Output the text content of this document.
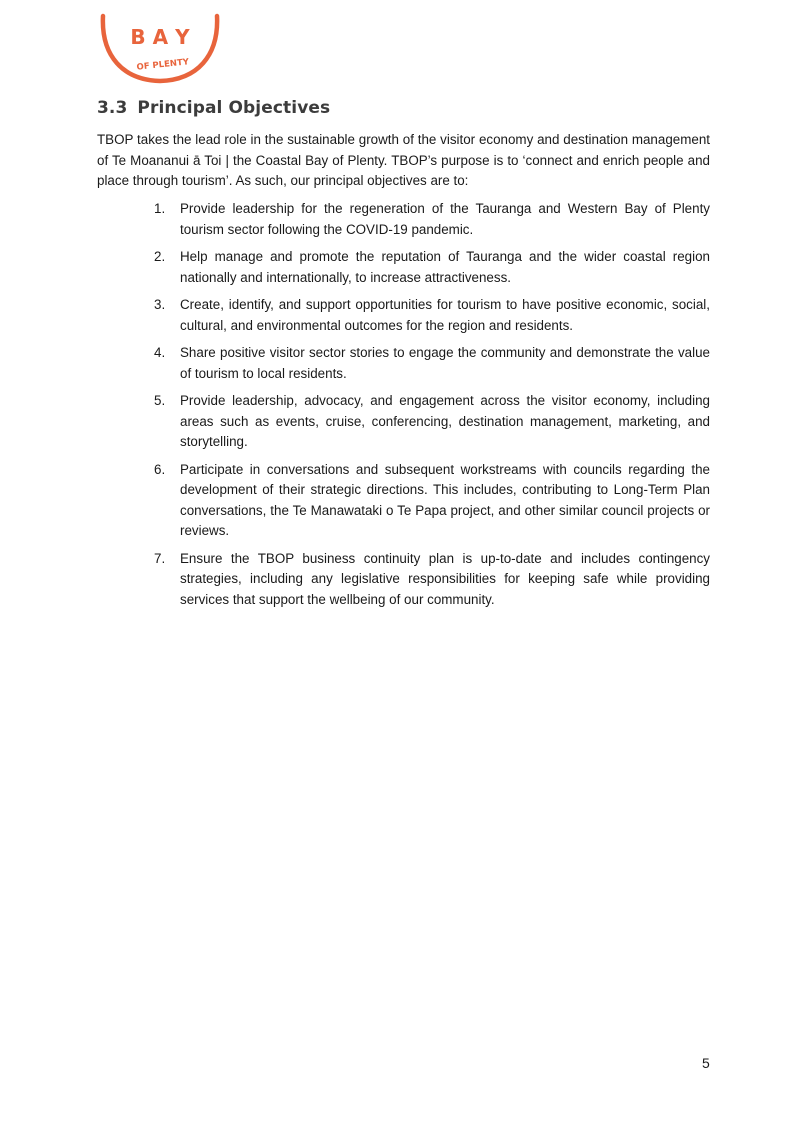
B A Y
OF PLENTY
3.3 Principal Objectives

TBOP takes the lead role in the sustainable growth of the visitor economy and destination management of Te Moananui ā Toi | the Coastal Bay of Plenty. TBOP’s purpose is to ‘connect and enrich people and place through tourism’. As such, our principal objectives are to:

1. Provide leadership for the regeneration of the Tauranga and Western Bay of Plenty tourism sector following the COVID-19 pandemic.
2. Help manage and promote the reputation of Tauranga and the wider coastal region nationally and internationally, to increase attractiveness.
3. Create, identify, and support opportunities for tourism to have positive economic, social, cultural, and environmental outcomes for the region and residents.
4. Share positive visitor sector stories to engage the community and demonstrate the value of tourism to local residents.
5. Provide leadership, advocacy, and engagement across the visitor economy, including areas such as events, cruise, conferencing, destination management, marketing, and storytelling.
6. Participate in conversations and subsequent workstreams with councils regarding the development of their strategic directions. This includes, contributing to Long-Term Plan conversations, the Te Manawataki o Te Papa project, and other similar council projects or reviews.
7. Ensure the TBOP business continuity plan is up-to-date and includes contingency strategies, including any legislative responsibilities for keeping safe while providing services that support the wellbeing of our community.
5
